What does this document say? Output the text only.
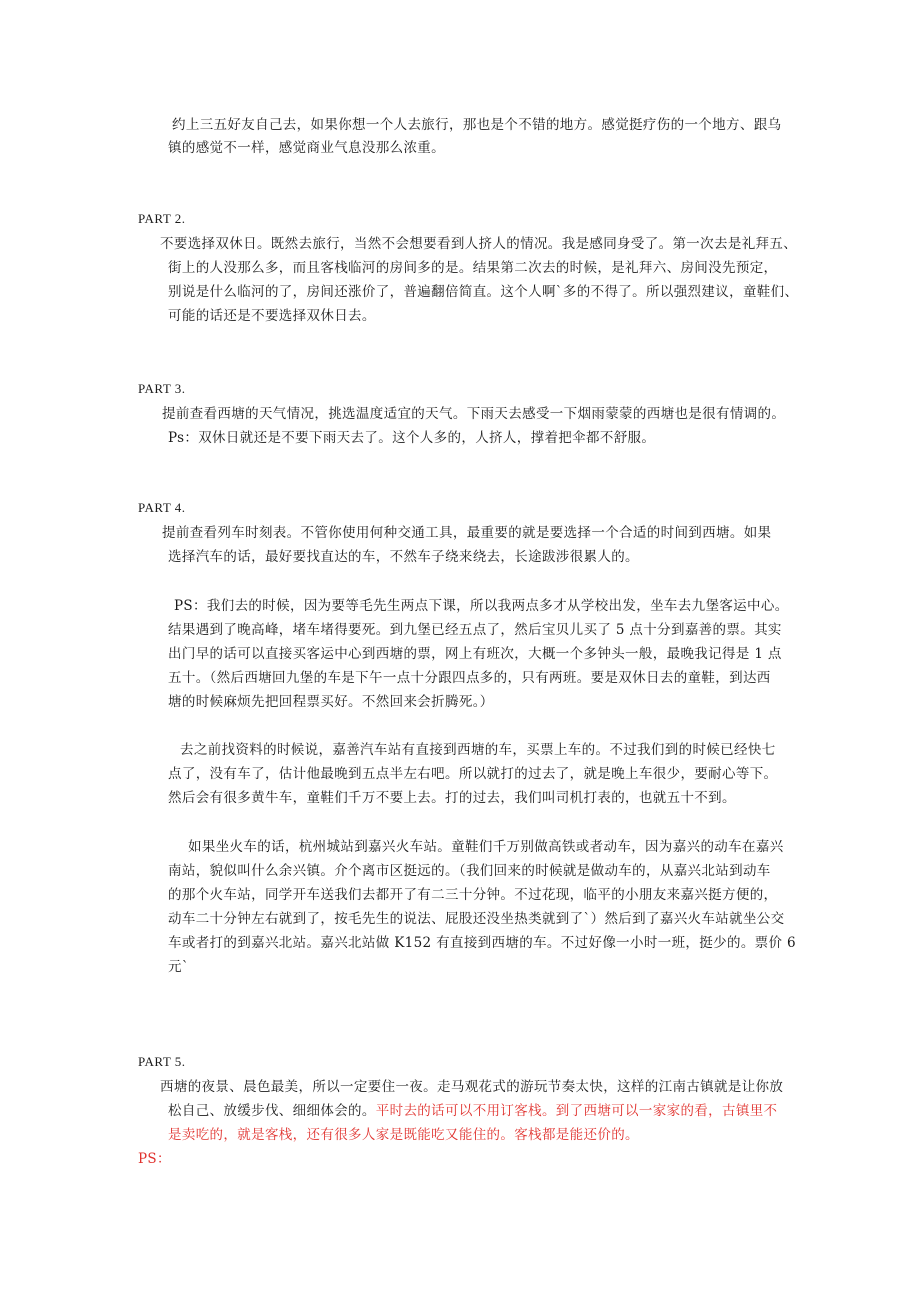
约上三五好友自己去，如果你想一个人去旅行，那也是个不错的地方。感觉挺疗伤的一个地方、跟乌
镇的感觉不一样，感觉商业气息没那么浓重。
PART 2.
不要选择双休日。既然去旅行，当然不会想要看到人挤人的情况。我是感同身受了。第一次去是礼拜五、
街上的人没那么多，而且客栈临河的房间多的是。结果第二次去的时候，是礼拜六、房间没先预定，
别说是什么临河的了，房间还涨价了，普遍翻倍简直。这个人啊`多的不得了。所以强烈建议，童鞋们、
可能的话还是不要选择双休日去。
PART 3.
提前查看西塘的天气情况，挑选温度适宜的天气。下雨天去感受一下烟雨蒙蒙的西塘也是很有情调的。
Ps：双休日就还是不要下雨天去了。这个人多的，人挤人，撑着把伞都不舒服。
PART 4.
提前查看列车时刻表。不管你使用何种交通工具，最重要的就是要选择一个合适的时间到西塘。如果
选择汽车的话，最好要找直达的车，不然车子绕来绕去，长途跋涉很累人的。
PS：我们去的时候，因为要等毛先生两点下课，所以我两点多才从学校出发，坐车去九堡客运中心。
结果遇到了晚高峰，堵车堵得要死。到九堡已经五点了，然后宝贝儿买了 5 点十分到嘉善的票。其实
出门早的话可以直接买客运中心到西塘的票，网上有班次，大概一个多钟头一般，最晚我记得是 1 点
五十。（然后西塘回九堡的车是下午一点十分跟四点多的，只有两班。要是双休日去的童鞋，到达西
塘的时候麻烦先把回程票买好。不然回来会折腾死。）
去之前找资料的时候说，嘉善汽车站有直接到西塘的车，买票上车的。不过我们到的时候已经快七
点了，没有车了，估计他最晚到五点半左右吧。所以就打的过去了，就是晚上车很少，要耐心等下。
然后会有很多黄牛车，童鞋们千万不要上去。打的过去，我们叫司机打表的，也就五十不到。
如果坐火车的话，杭州城站到嘉兴火车站。童鞋们千万别做高铁或者动车，因为嘉兴的动车在嘉兴
南站，貌似叫什么余兴镇。介个离市区挺远的。（我们回来的时候就是做动车的，从嘉兴北站到动车
的那个火车站，同学开车送我们去都开了有二三十分钟。不过花现，临平的小朋友来嘉兴挺方便的，
动车二十分钟左右就到了，按毛先生的说法、屁股还没坐热类就到了`）然后到了嘉兴火车站就坐公交
车或者打的到嘉兴北站。嘉兴北站做 K152 有直接到西塘的车。不过好像一小时一班，挺少的。票价 6
元`
PART 5.
西塘的夜景、晨色最美，所以一定要住一夜。走马观花式的游玩节奏太快，这样的江南古镇就是让你放
松自己、放缓步伐、细细体会的。平时去的话可以不用订客栈。到了西塘可以一家家的看，古镇里不
是卖吃的，就是客栈，还有很多人家是既能吃又能住的。客栈都是能还价的。
PS：
